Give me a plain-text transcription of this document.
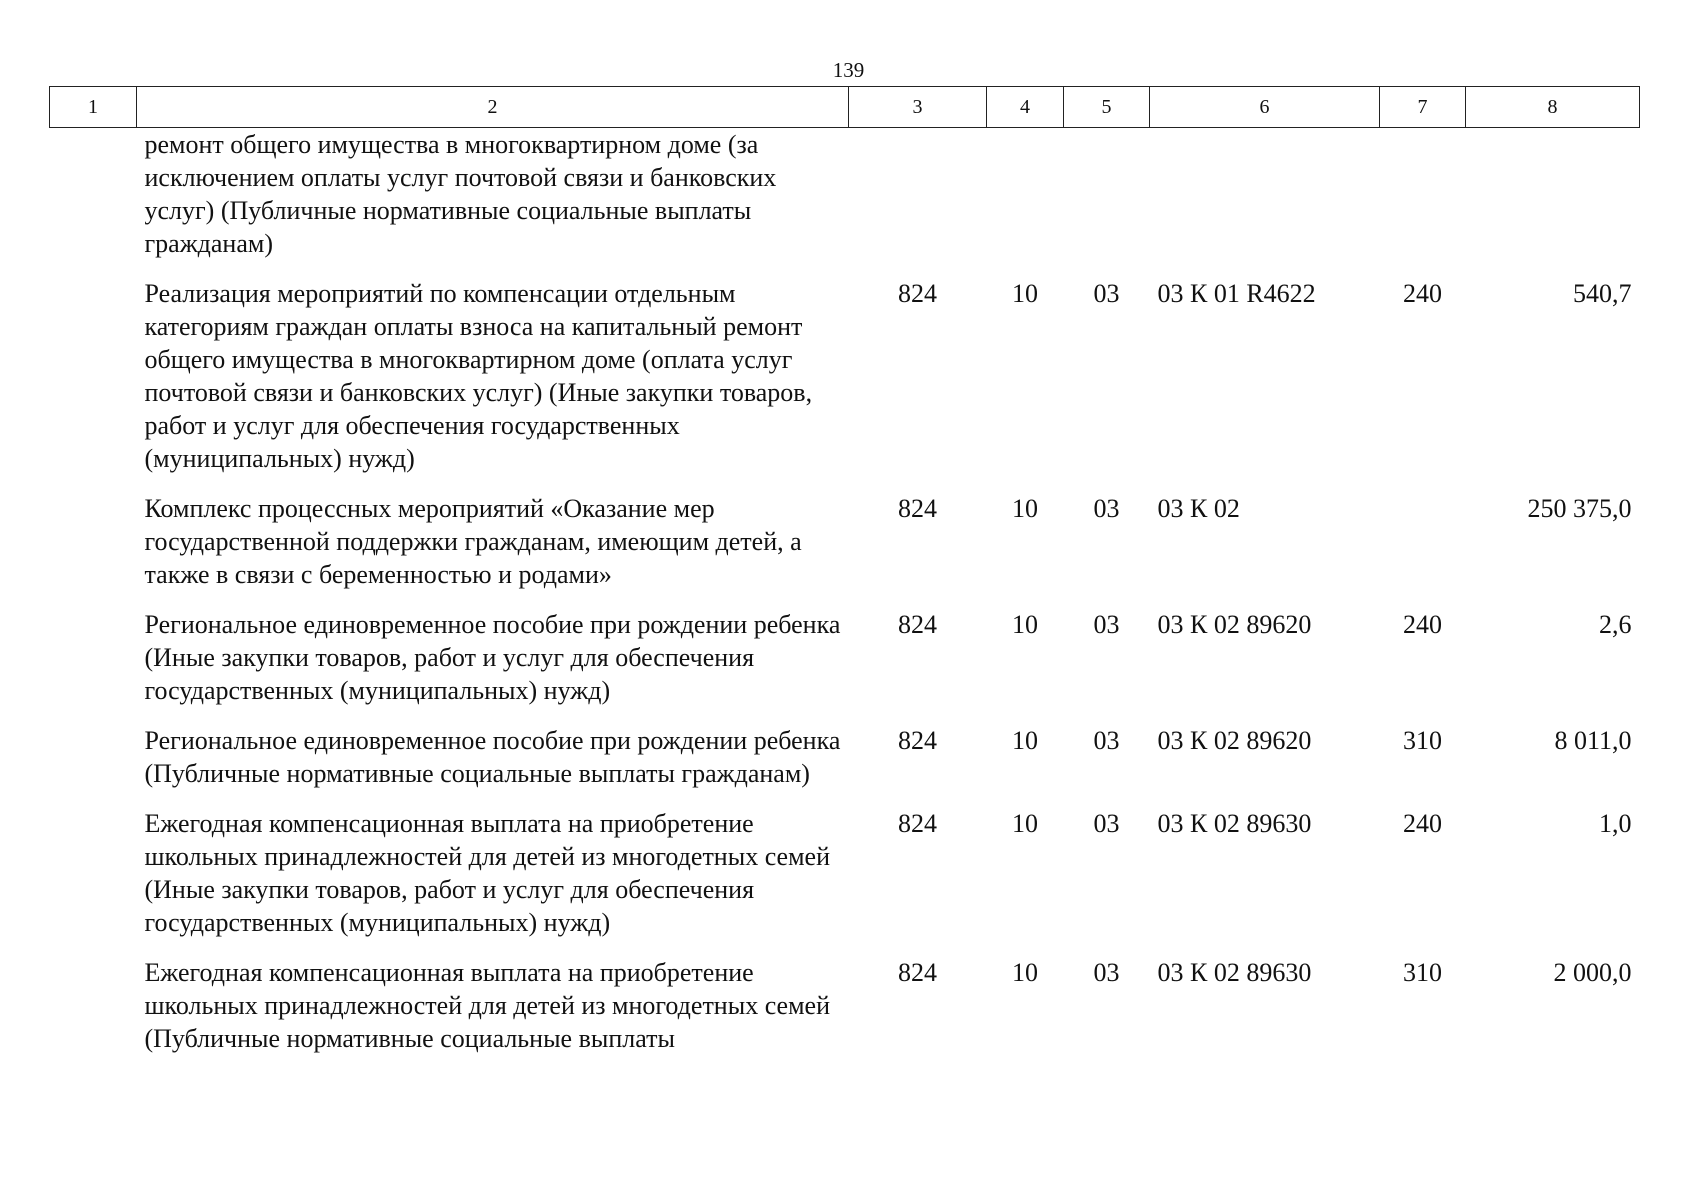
139
1	2	3	4	5	6	7	8
	ремонт общего имущества в многоквартирном доме (за исключением оплаты услуг почтовой связи и банковских услуг) (Публичные нормативные социальные выплаты гражданам)						
	Реализация мероприятий по компенсации отдельным категориям граждан оплаты взноса на капитальный ремонт общего имущества в многоквартирном доме (оплата услуг почтовой связи и банковских услуг) (Иные закупки товаров, работ и услуг для обеспечения государственных (муниципальных) нужд)	824	10	03	03 К 01 R4622	240	540,7
	Комплекс процессных мероприятий «Оказание мер государственной поддержки гражданам, имеющим детей, а также в связи с беременностью и родами»	824	10	03	03 К 02		250 375,0
	Региональное единовременное пособие при рождении ребенка (Иные закупки товаров, работ и услуг для обеспечения государственных (муниципальных) нужд)	824	10	03	03 К 02 89620	240	2,6
	Региональное единовременное пособие при рождении ребенка (Публичные нормативные социальные выплаты гражданам)	824	10	03	03 К 02 89620	310	8 011,0
	Ежегодная компенсационная выплата на приобретение школьных принадлежностей для детей из многодетных семей (Иные закупки товаров, работ и услуг для обеспечения государственных (муниципальных) нужд)	824	10	03	03 К 02 89630	240	1,0
	Ежегодная компенсационная выплата на приобретение школьных принадлежностей для детей из многодетных семей (Публичные нормативные социальные выплаты	824	10	03	03 К 02 89630	310	2 000,0
